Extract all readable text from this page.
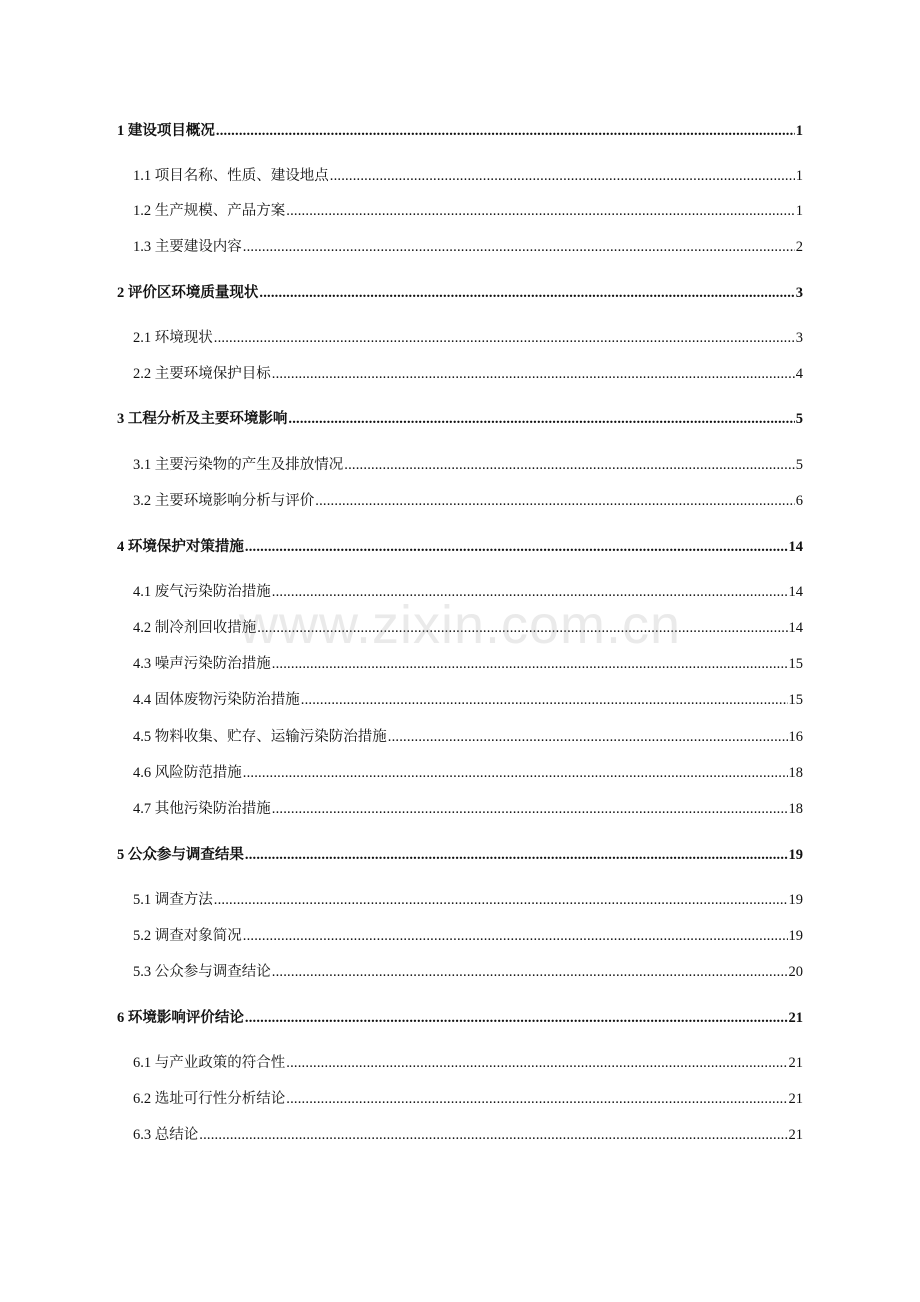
1 建设项目概况 .....	1
1.1 项目名称、性质、建设地点 .....	1
1.2 生产规模、产品方案 .....	1
1.3 主要建设内容 .....	2
2 评价区环境质量现状 .....	3
2.1 环境现状 .....	3
2.2 主要环境保护目标 .....	4
3 工程分析及主要环境影响 .....	5
3.1 主要污染物的产生及排放情况 .....	5
3.2 主要环境影响分析与评价 .....	6
4 环境保护对策措施 .....	14
4.1 废气污染防治措施 .....	14
4.2 制冷剂回收措施 .....	14
4.3 噪声污染防治措施 .....	15
4.4 固体废物污染防治措施 .....	15
4.5 物料收集、贮存、运输污染防治措施 .....	16
4.6 风险防范措施 .....	18
4.7 其他污染防治措施 .....	18
5 公众参与调查结果 .....	19
5.1 调查方法 .....	19
5.2 调查对象简况 .....	19
5.3 公众参与调查结论 .....	20
6 环境影响评价结论 .....	21
6.1 与产业政策的符合性 .....	21
6.2 选址可行性分析结论 .....	21
6.3 总结论 .....	21
www.zixin.com.cn
